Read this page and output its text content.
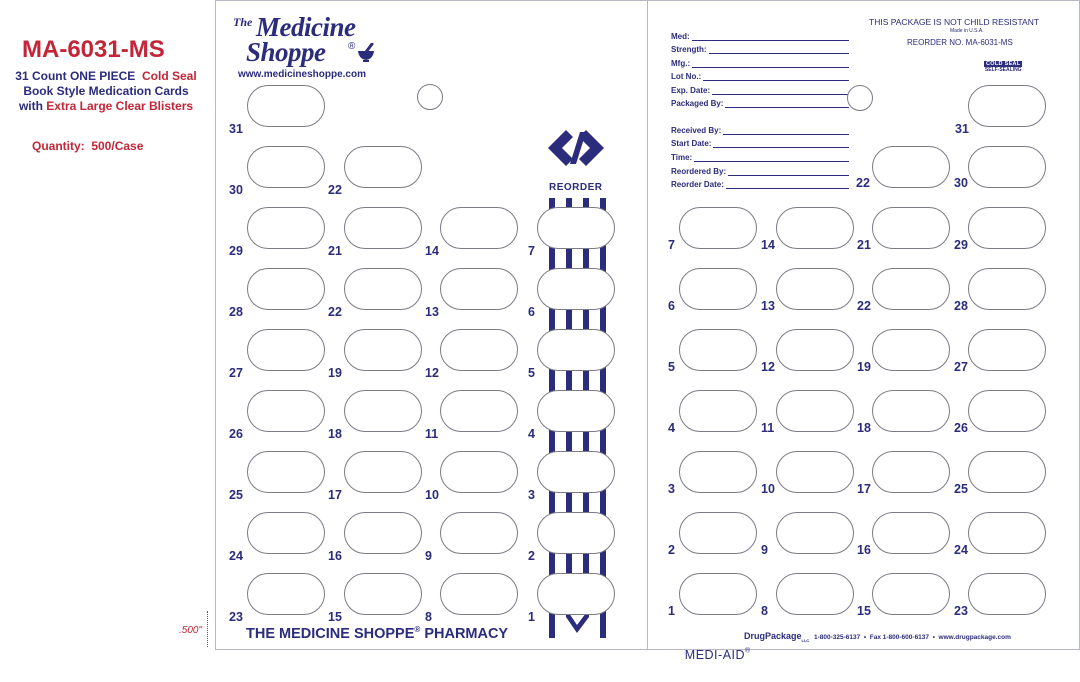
MA-6031-MS
31 Count ONE PIECE Cold Seal
Book Style Medication Cards
with Extra Large Clear Blisters
Quantity:  500/Case
.500"
The Medicine
Shoppe ®
www.medicineshoppe.com
REORDER
31
30
29
28
27
26
25
24
23
22
21
22
19
18
17
16
15
14
13
12
11
10
9
8
7
6
5
4
3
2
1
THE MEDICINE SHOPPE® PHARMACY
THIS PACKAGE IS NOT CHILD RESISTANT
Made in U.S.A.
REORDER NO. MA-6031-MS
COLD SEAL
SELF-SEALING
Med:
Strength:
Mfg.:
Lot No.:
Exp. Date:
Packaged By:
Received By:
Start Date:
Time:
Reordered By:
Reorder Date:
7
6
5
4
3
2
1
14
13
12
11
10
9
8
21
22
19
18
17
16
15
31
22	30
29
28
27
26
25
24
23

MEDI-AID®

DrugPackage$_{LLC}$ 1-800-325-6137  •  Fax 1-800-600-6137  •  www.drugpackage.com
